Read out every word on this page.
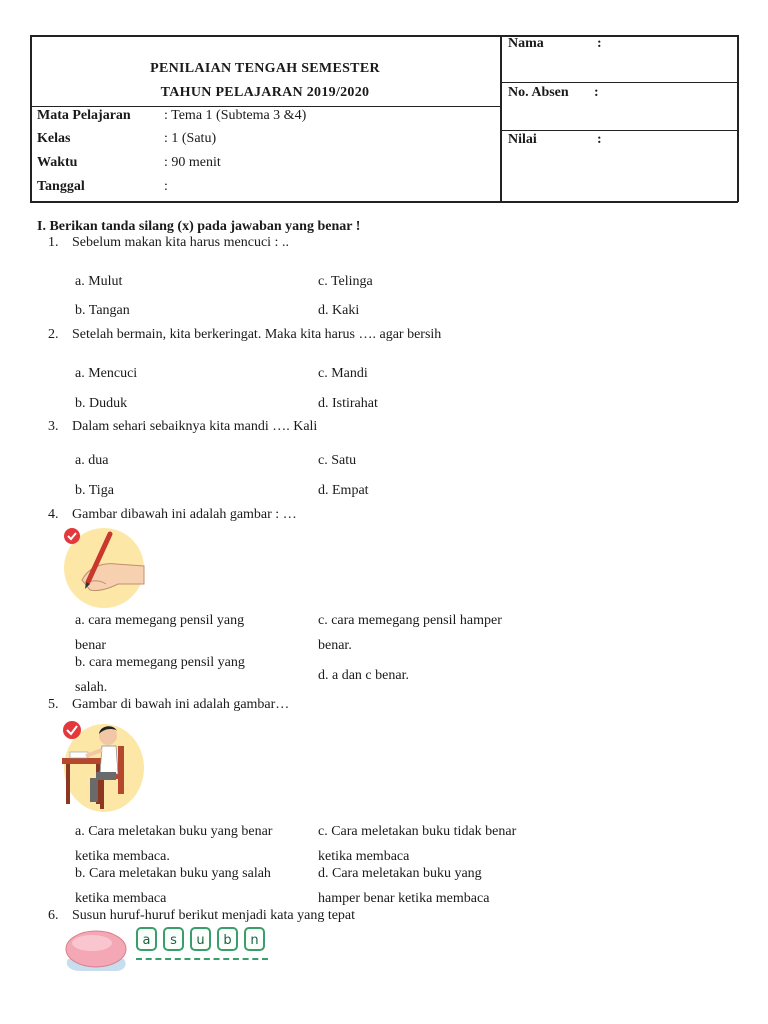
PENILAIAN TENGAH SEMESTER
TAHUN PELAJARAN 2019/2020
Mata Pelajaran : Tema 1 (Subtema 3 &4)
Kelas	: 1 (Satu)
Waktu	: 90 menit
Tanggal	:
Nama	:
No. Absen :
Nilai	:
I. Berikan tanda silang (x) pada jawaban yang benar !
1. Sebelum makan kita harus mencuci : ..
a. Mulut	c. Telinga
b. Tangan	d. Kaki
2. Setelah bermain, kita berkeringat. Maka kita harus …. agar bersih
a. Mencuci	c. Mandi
b. Duduk	d. Istirahat
3. Dalam sehari sebaiknya kita mandi …. Kali
a. dua	c. Satu
b. Tiga	d. Empat
4. Gambar dibawah ini adalah gambar : …
a. cara memegang pensil yang
benar
c. cara memegang pensil hamper
benar.
b. cara memegang pensil yang
salah.
d. a dan c benar.
5. Gambar di bawah ini adalah gambar…
a. Cara meletakan buku yang benar
ketika membaca.
c. Cara meletakan buku tidak benar
ketika membaca
b. Cara meletakan buku yang salah
ketika membaca
d. Cara meletakan buku yang
hamper benar ketika membaca
6. Susun huruf-huruf berikut menjadi kata yang tepat
a	s	u	b	n
